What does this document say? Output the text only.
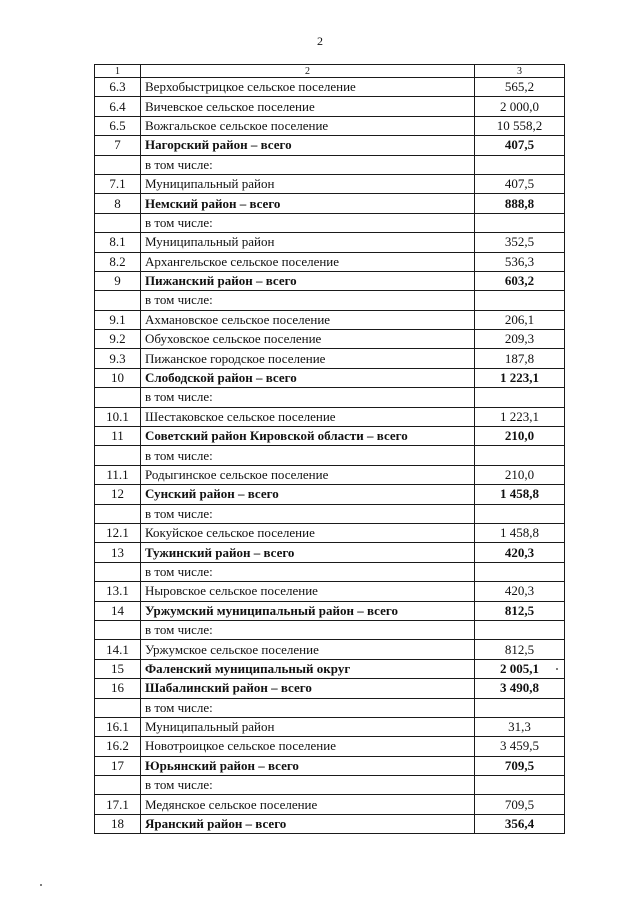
2
1	2	3
6.3	Верхобыстрицкое сельское поселение	565,2
6.4	Вичевское сельское поселение	2 000,0
6.5	Вожгальское сельское поселение	10 558,2
7	Нагорский район – всего	407,5
	в том числе:	
7.1	Муниципальный район	407,5
8	Немский район – всего	888,8
	в том числе:	
8.1	Муниципальный район	352,5
8.2	Архангельское сельское поселение	536,3
9	Пижанский район – всего	603,2
	в том числе:	
9.1	Ахмановское сельское поселение	206,1
9.2	Обуховское сельское поселение	209,3
9.3	Пижанское городское поселение	187,8
10	Слободской район – всего	1 223,1
	в том числе:	
10.1	Шестаковское сельское поселение	1 223,1
11	Советский район Кировской области – всего	210,0
	в том числе:	
11.1	Родыгинское сельское поселение	210,0
12	Сунский район – всего	1 458,8
	в том числе:	
12.1	Кокуйское сельское поселение	1 458,8
13	Тужинский район – всего	420,3
	в том числе:	
13.1	Ныровское сельское поселение	420,3
14	Уржумский муниципальный район – всего	812,5
	в том числе:	
14.1	Уржумское сельское поселение	812,5
15	Фаленский муниципальный округ	2 005,1
16	Шабалинский район – всего	3 490,8
	в том числе:	
16.1	Муниципальный район	31,3
16.2	Новотроицкое сельское поселение	3 459,5
17	Юрьянский район – всего	709,5
	в том числе:	
17.1	Медянское сельское поселение	709,5
18	Яранский район – всего	356,4
